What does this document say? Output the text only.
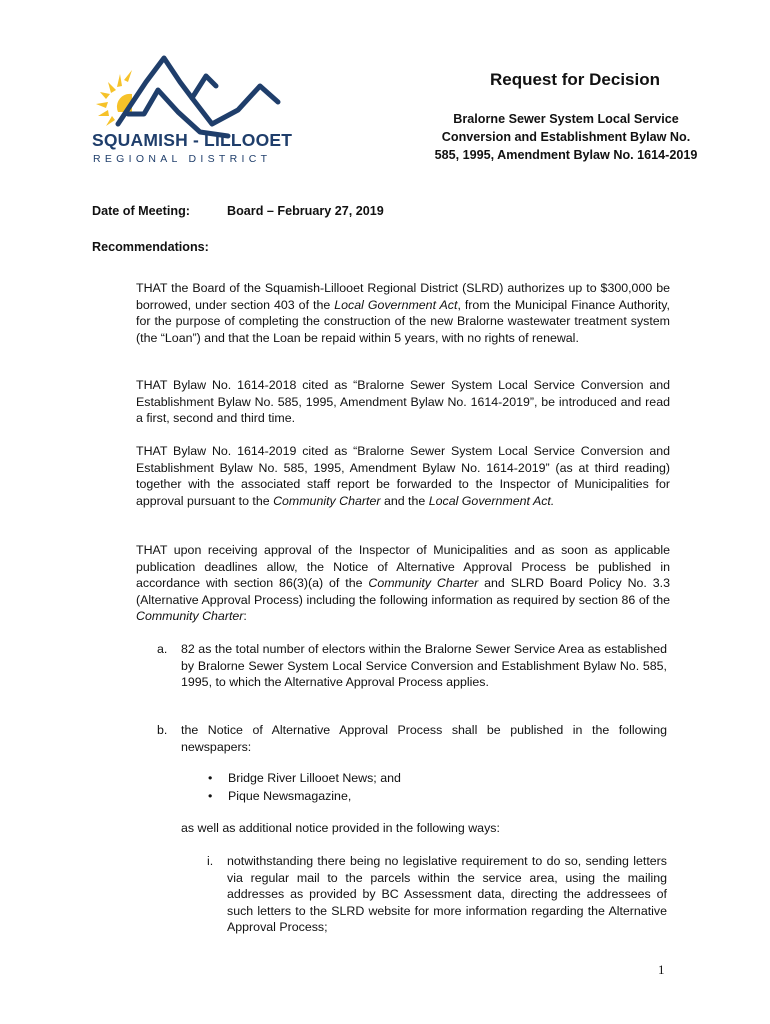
SQUAMISH - LILLOOET
REGIONAL DISTRICT
Request for Decision
Bralorne Sewer System Local Service Conversion and Establishment Bylaw No. 585, 1995, Amendment Bylaw No. 1614-2019
Date of Meeting:	Board – February 27, 2019
Recommendations:

THAT the Board of the Squamish-Lillooet Regional District (SLRD) authorizes up to $300,000 be borrowed, under section 403 of the Local Government Act, from the Municipal Finance Authority, for the purpose of completing the construction of the new Bralorne wastewater treatment system (the “Loan”) and that the Loan be repaid within 5 years, with no rights of renewal.

THAT Bylaw No. 1614-2018 cited as “Bralorne Sewer System Local Service Conversion and Establishment Bylaw No. 585, 1995, Amendment Bylaw No. 1614-2019”, be introduced and read a first, second and third time.

THAT Bylaw No. 1614-2019 cited as “Bralorne Sewer System Local Service Conversion and Establishment Bylaw No. 585, 1995, Amendment Bylaw No. 1614-2019” (as at third reading) together with the associated staff report be forwarded to the Inspector of Municipalities for approval pursuant to the Community Charter and the Local Government Act.

THAT upon receiving approval of the Inspector of Municipalities and as soon as applicable publication deadlines allow, the Notice of Alternative Approval Process be published in accordance with section 86(3)(a) of the Community Charter and SLRD Board Policy No. 3.3 (Alternative Approval Process) including the following information as required by section 86 of the Community Charter:

a. 82 as the total number of electors within the Bralorne Sewer Service Area as established by Bralorne Sewer System Local Service Conversion and Establishment Bylaw No. 585, 1995, to which the Alternative Approval Process applies.
b. the Notice of Alternative Approval Process shall be published in the following newspapers:
• Bridge River Lillooet News; and
• Pique Newsmagazine,
as well as additional notice provided in the following ways:
i. notwithstanding there being no legislative requirement to do so, sending letters via regular mail to the parcels within the service area, using the mailing addresses as provided by BC Assessment data, directing the addressees of such letters to the SLRD website for more information regarding the Alternative Approval Process;
1
